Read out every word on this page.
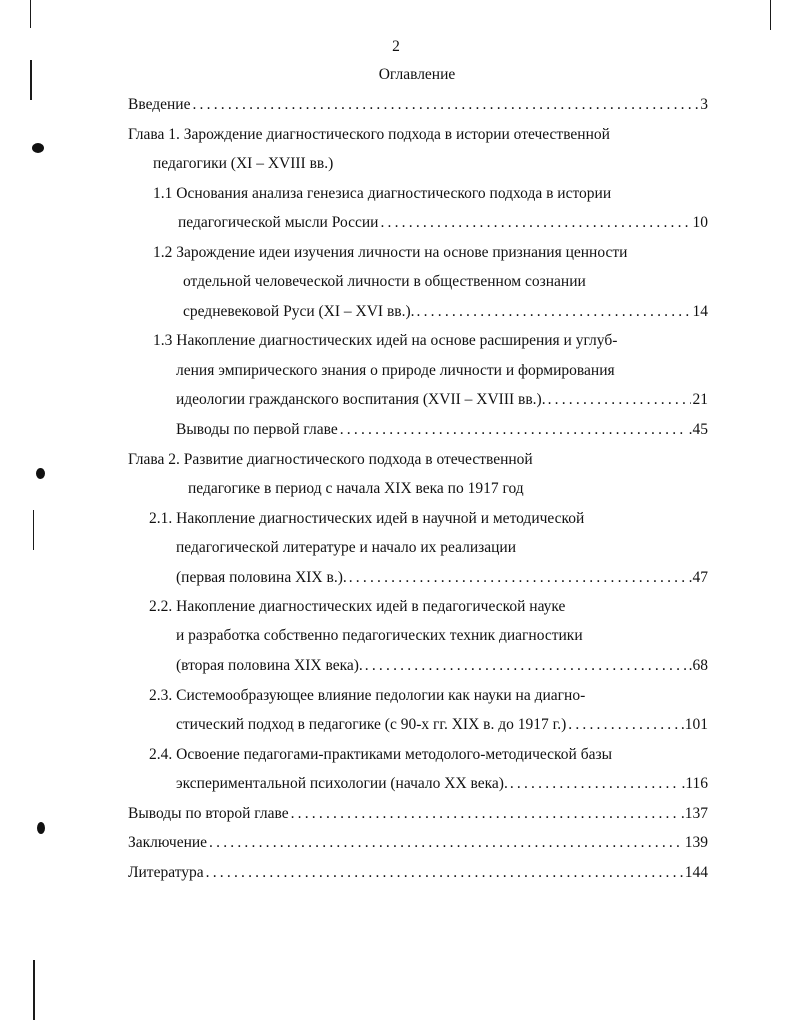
2
Оглавление
Введение .....	3
Глава 1. Зарождение диагностического подхода в истории отечественной
педагогики (XI – XVIII вв.)
1.1 Основания анализа генезиса диагностического подхода в истории
педагогической мысли России .....	10
1.2 Зарождение идеи изучения личности на основе признания ценности
отдельной человеческой личности в общественном сознании
средневековой Руси (XI – XVI вв.). .....	14
1.3 Накопление диагностических идей на основе расширения и углуб-
ления эмпирического знания о природе личности и формирования
идеологии гражданского воспитания (XVII – XVIII вв.). .....	21
Выводы по первой главе .....	.45
Глава 2. Развитие диагностического подхода в отечественной
педагогике в период с начала XIX века по 1917 год
2.1. Накопление диагностических идей в научной и методической
педагогической литературе и начало их реализации
(первая половина XIX в.). .....	.47
2.2. Накопление диагностических идей в педагогической науке
и разработка собственно педагогических техник диагностики
(вторая половина XIX века). .....	.68
2.3. Системообразующее влияние педологии как науки на диагно-
стический подход в педагогике (с 90-х гг. XIX в. до 1917 г.) .....	.101
2.4. Освоение педагогами-практиками методолого-методической базы
экспериментальной психологии (начало XX века). .....	.116
Выводы по второй главе .....	.137
Заключение .....	139
Литература .....	144
